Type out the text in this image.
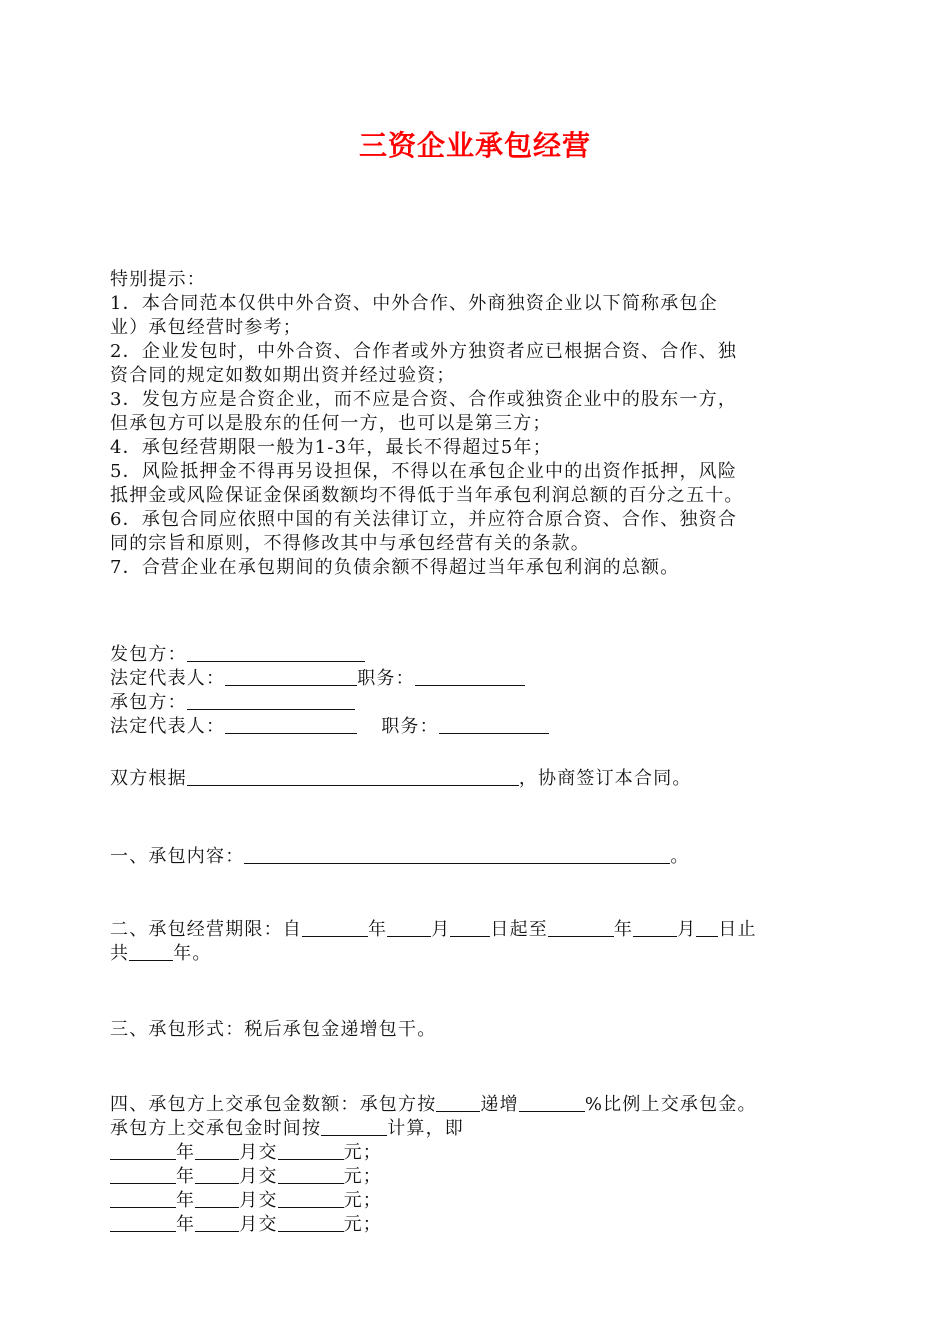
三资企业承包经营
特别提示：
1．本合同范本仅供中外合资、中外合作、外商独资企业以下简称承包企
业）承包经营时参考；
2．企业发包时，中外合资、合作者或外方独资者应已根据合资、合作、独
资合同的规定如数如期出资并经过验资；
3．发包方应是合资企业，而不应是合资、合作或独资企业中的股东一方，
但承包方可以是股东的任何一方，也可以是第三方；
4．承包经营期限一般为1-3年，最长不得超过5年；
5．风险抵押金不得再另设担保，不得以在承包企业中的出资作抵押，风险
抵押金或风险保证金保函数额均不得低于当年承包利润总额的百分之五十。
6．承包合同应依照中国的有关法律订立，并应符合原合资、合作、独资合
同的宗旨和原则，不得修改其中与承包经营有关的条款。
7．合营企业在承包期间的负债余额不得超过当年承包利润的总额。
发包方：
法定代表人：	职务：
承包方：
法定代表人：	职务：
双方根据	，协商签订本合同。
一、承包内容：	。
二、承包经营期限：自	年 月 日起至	年 月 日止
共 年。
三、承包形式：税后承包金递增包干。
四、承包方上交承包金数额：承包方按 递增	%比例上交承包金。
承包方上交承包金时间按	计算，即
年 月交	元；
年 月交	元；
年 月交	元；
年 月交	元；
